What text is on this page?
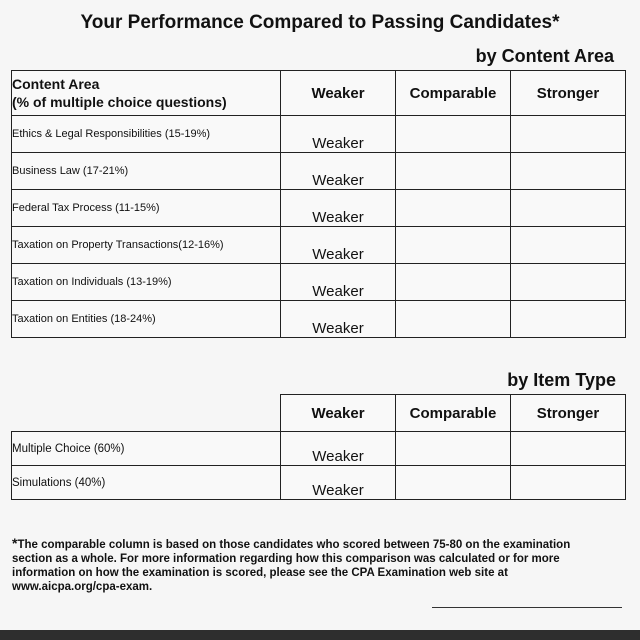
Your Performance Compared to Passing Candidates*
by Content Area
Content Area
(% of multiple choice questions)	Weaker	Comparable	Stronger
Ethics & Legal Responsibilities (15-19%)	Weaker		
Business Law (17-21%)	Weaker		
Federal Tax Process (11-15%)	Weaker		
Taxation on Property Transactions(12-16%)	Weaker		
Taxation on Individuals (13-19%)	Weaker		
Taxation on Entities (18-24%)	Weaker		
by Item Type
	Weaker	Comparable	Stronger
Multiple Choice (60%)	Weaker		
Simulations (40%)	Weaker		
*The comparable column is based on those candidates who scored between 75-80 on the examination section as a whole. For more information regarding how this comparison was calculated or for more information on how the examination is scored, please see the CPA Examination web site at www.aicpa.org/cpa-exam.
